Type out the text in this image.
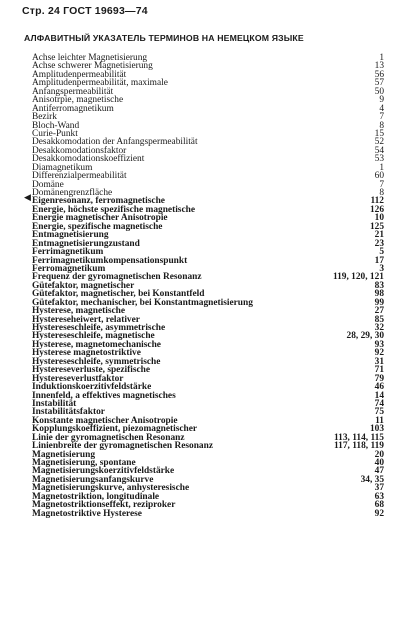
Стр. 24 ГОСТ 19693—74
АЛФАВИТНЫЙ УКАЗАТЕЛЬ ТЕРМИНОВ НА НЕМЕЦКОМ ЯЗЫКЕ
◀
Achse leichter Magnetisierung	1
Achse schwerer Magnetisierung	13
Amplitudenpermeabilität	56
Amplitudenpermeabilität, maximale	57
Anfangspermeabilität	50
Anisotrpie, magnetische	9
Antiferromagnetikum	4
Bezirk	7
Bloch-Wand	8
Curie-Punkt	15
Desakkomodation der Anfangspermeabilität	52
Desakkomodationsfaktor	54
Desakkomodationskoeffizient	53
Diamagnetikum	1
Differenzialpermeabilität	60
Domäne	7
Domänengrenzfläche	8
Eigenresonanz, ferromagnetische	112
Energie, höchste spezifische magnetische	126
Energie magnetischer Anisotropie	10
Energie, spezifische magnetische	125
Entmagnetisierung	21
Entmagnetisierungzustand	23
Ferrimagnetikum	5
Ferrimagnetikumkompensationspunkt	17
Ferromagnetikum	3
Frequenz der gyromagnetischen Resonanz	119, 120, 121
Gütefaktor, magnetischer	83
Gütefaktor, magnetischer, bei Konstantfeld	98
Gütefaktor, mechanischer, bei Konstantmagnetisierung	99
Hysterese, magnetische	27
Hystereseheiwert, relativer	85
Hystereseschleife, asymmetrische	32
Hystereseschleife, magnetische	28, 29, 30
Hysterese, magnetomechanische	93
Hysterese magnetostriktive	92
Hystereseschleife, symmetrische	31
Hystereseverluste, spezifische	71
Hystereseverlustfaktor	79
Induktionskoerzitivfeldstärke	46
Innenfeld, a effektives magnetisches	14
Instabilität	74
Instabilitätsfaktor	75
Konstante magnetischer Anisotropie	11
Kopplungskoeffizient, piezomagnetischer	103
Linie der gyromagnetischen Resonanz	113, 114, 115
Linienbreite der gyromagnetischen Resonanz	117, 118, 119
Magnetisierung	20
Magnetisierung, spontane	40
Magnetisierungskoerzitivfeldstärke	47
Magnetisierungsanfangskurve	34, 35
Magnetisierungskurve, anhysteresische	37
Magnetostriktion, longitudinale	63
Magnetostriktionseffekt, reziproker	68
Magnetostriktive Hysterese	92
